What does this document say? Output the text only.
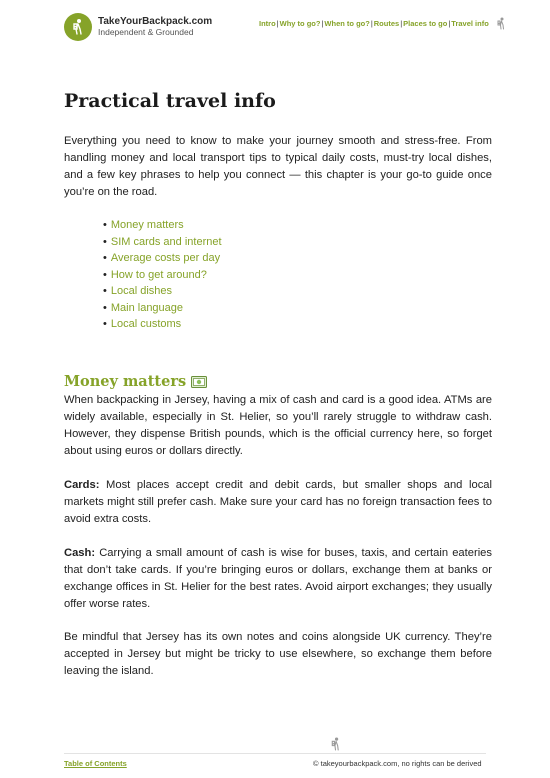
TakeYourBackpack.com
Independent & Grounded
Intro|Why to go?|When to go?|Routes|Places to go|Travel info
Practical travel info

Everything you need to know to make your journey smooth and stress-free. From handling money and local transport tips to typical daily costs, must-try local dishes, and a few key phrases to help you connect — this chapter is your go-to guide once you’re on the road.

• Money matters
• SIM cards and internet
• Average costs per day
• How to get around?
• Local dishes
• Main language
• Local customs
Money matters

When backpacking in Jersey, having a mix of cash and card is a good idea. ATMs are widely available, especially in St. Helier, so you’ll rarely struggle to withdraw cash. However, they dispense British pounds, which is the official currency here, so forget about using euros or dollars directly.

Cards: Most places accept credit and debit cards, but smaller shops and local markets might still prefer cash. Make sure your card has no foreign transaction fees to avoid extra costs.

Cash: Carrying a small amount of cash is wise for buses, taxis, and certain eateries that don’t take cards. If you’re bringing euros or dollars, exchange them at banks or exchange offices in St. Helier for the best rates. Avoid airport exchanges; they usually offer worse rates.

Be mindful that Jersey has its own notes and coins alongside UK currency. They’re accepted in Jersey but might be tricky to use elsewhere, so exchange them before leaving the island.

Table of Contents	© takeyourbackpack.com, no rights can be derived
